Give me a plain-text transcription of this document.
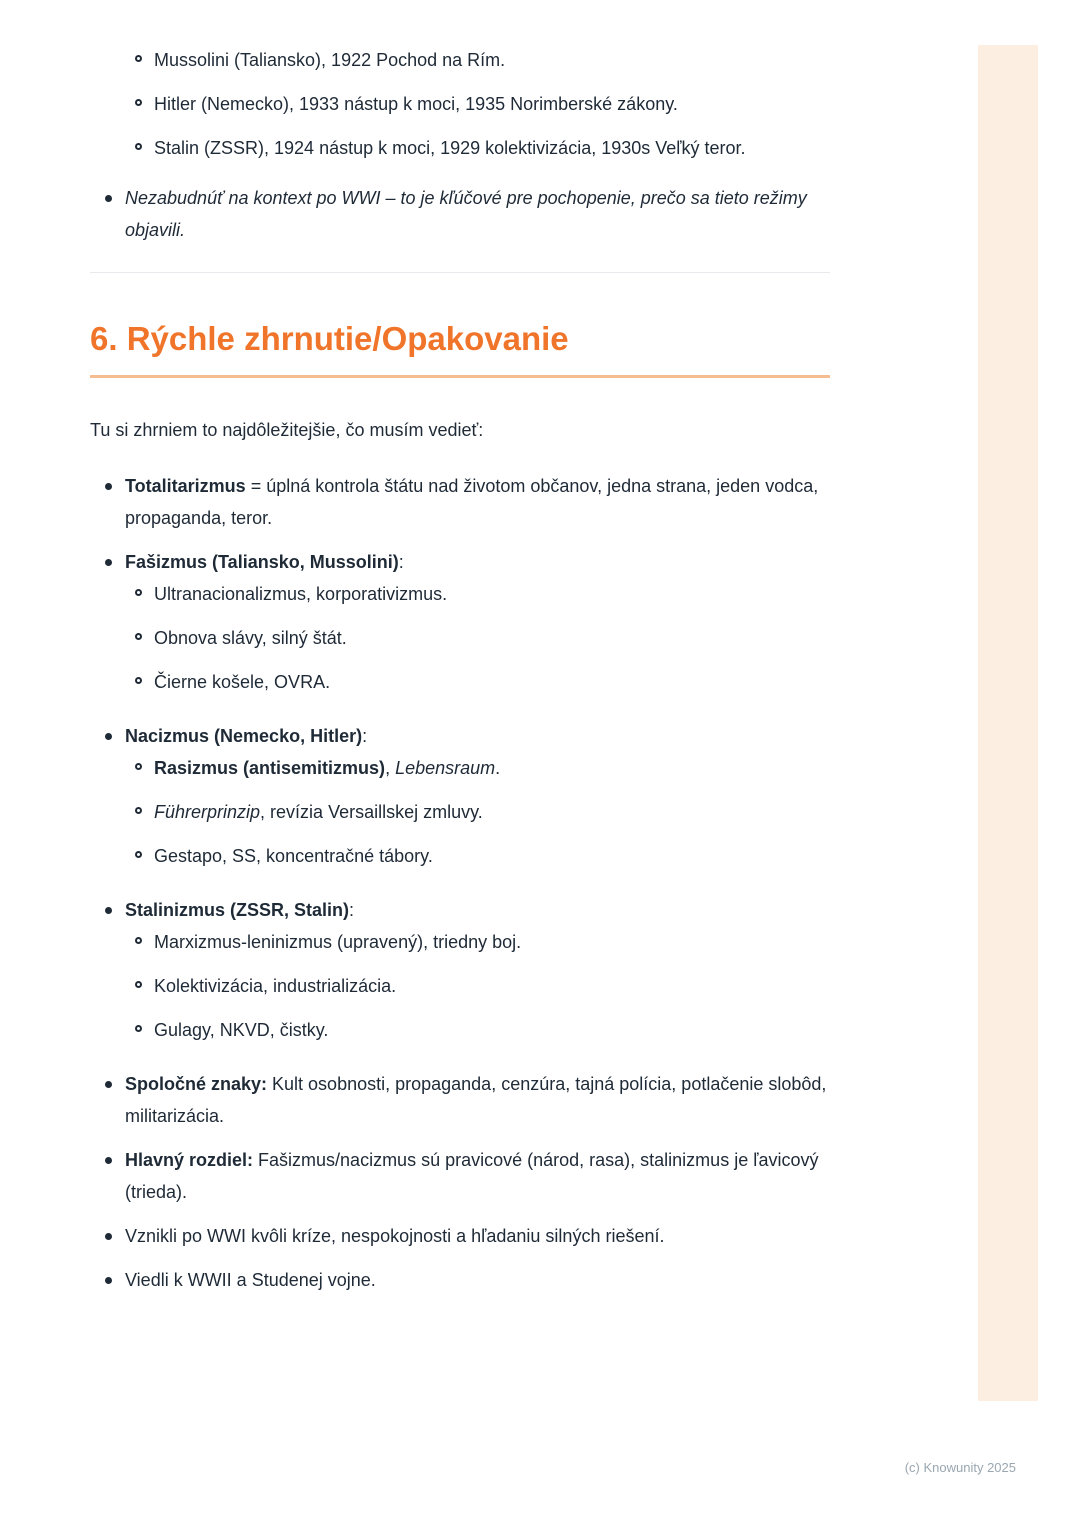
Mussolini (Taliansko), 1922 Pochod na Rím.
Hitler (Nemecko), 1933 nástup k moci, 1935 Norimberské zákony.
Stalin (ZSSR), 1924 nástup k moci, 1929 kolektivizácia, 1930s Veľký teror.
Nezabudnúť na kontext po WWI – to je kľúčové pre pochopenie, prečo sa tieto režimy objavili.
6. Rýchle zhrnutie/Opakovanie

Tu si zhrniem to najdôležitejšie, čo musím vedieť:

Totalitarizmus = úplná kontrola štátu nad životom občanov, jedna strana, jeden vodca, propaganda, teror.
Fašizmus (Taliansko, Mussolini):
Ultranacionalizmus, korporativizmus.
Obnova slávy, silný štát.
Čierne košele, OVRA.
Nacizmus (Nemecko, Hitler):
Rasizmus (antisemitizmus), Lebensraum.
Führerprinzip, revízia Versaillskej zmluvy.
Gestapo, SS, koncentračné tábory.
Stalinizmus (ZSSR, Stalin):
Marxizmus-leninizmus (upravený), triedny boj.
Kolektivizácia, industrializácia.
Gulagy, NKVD, čistky.
Spoločné znaky: Kult osobnosti, propaganda, cenzúra, tajná polícia, potlačenie slobôd, militarizácia.
Hlavný rozdiel: Fašizmus/nacizmus sú pravicové (národ, rasa), stalinizmus je ľavicový (trieda).
Vznikli po WWI kvôli kríze, nespokojnosti a hľadaniu silných riešení.
Viedli k WWII a Studenej vojne.
(c) Knowunity 2025
